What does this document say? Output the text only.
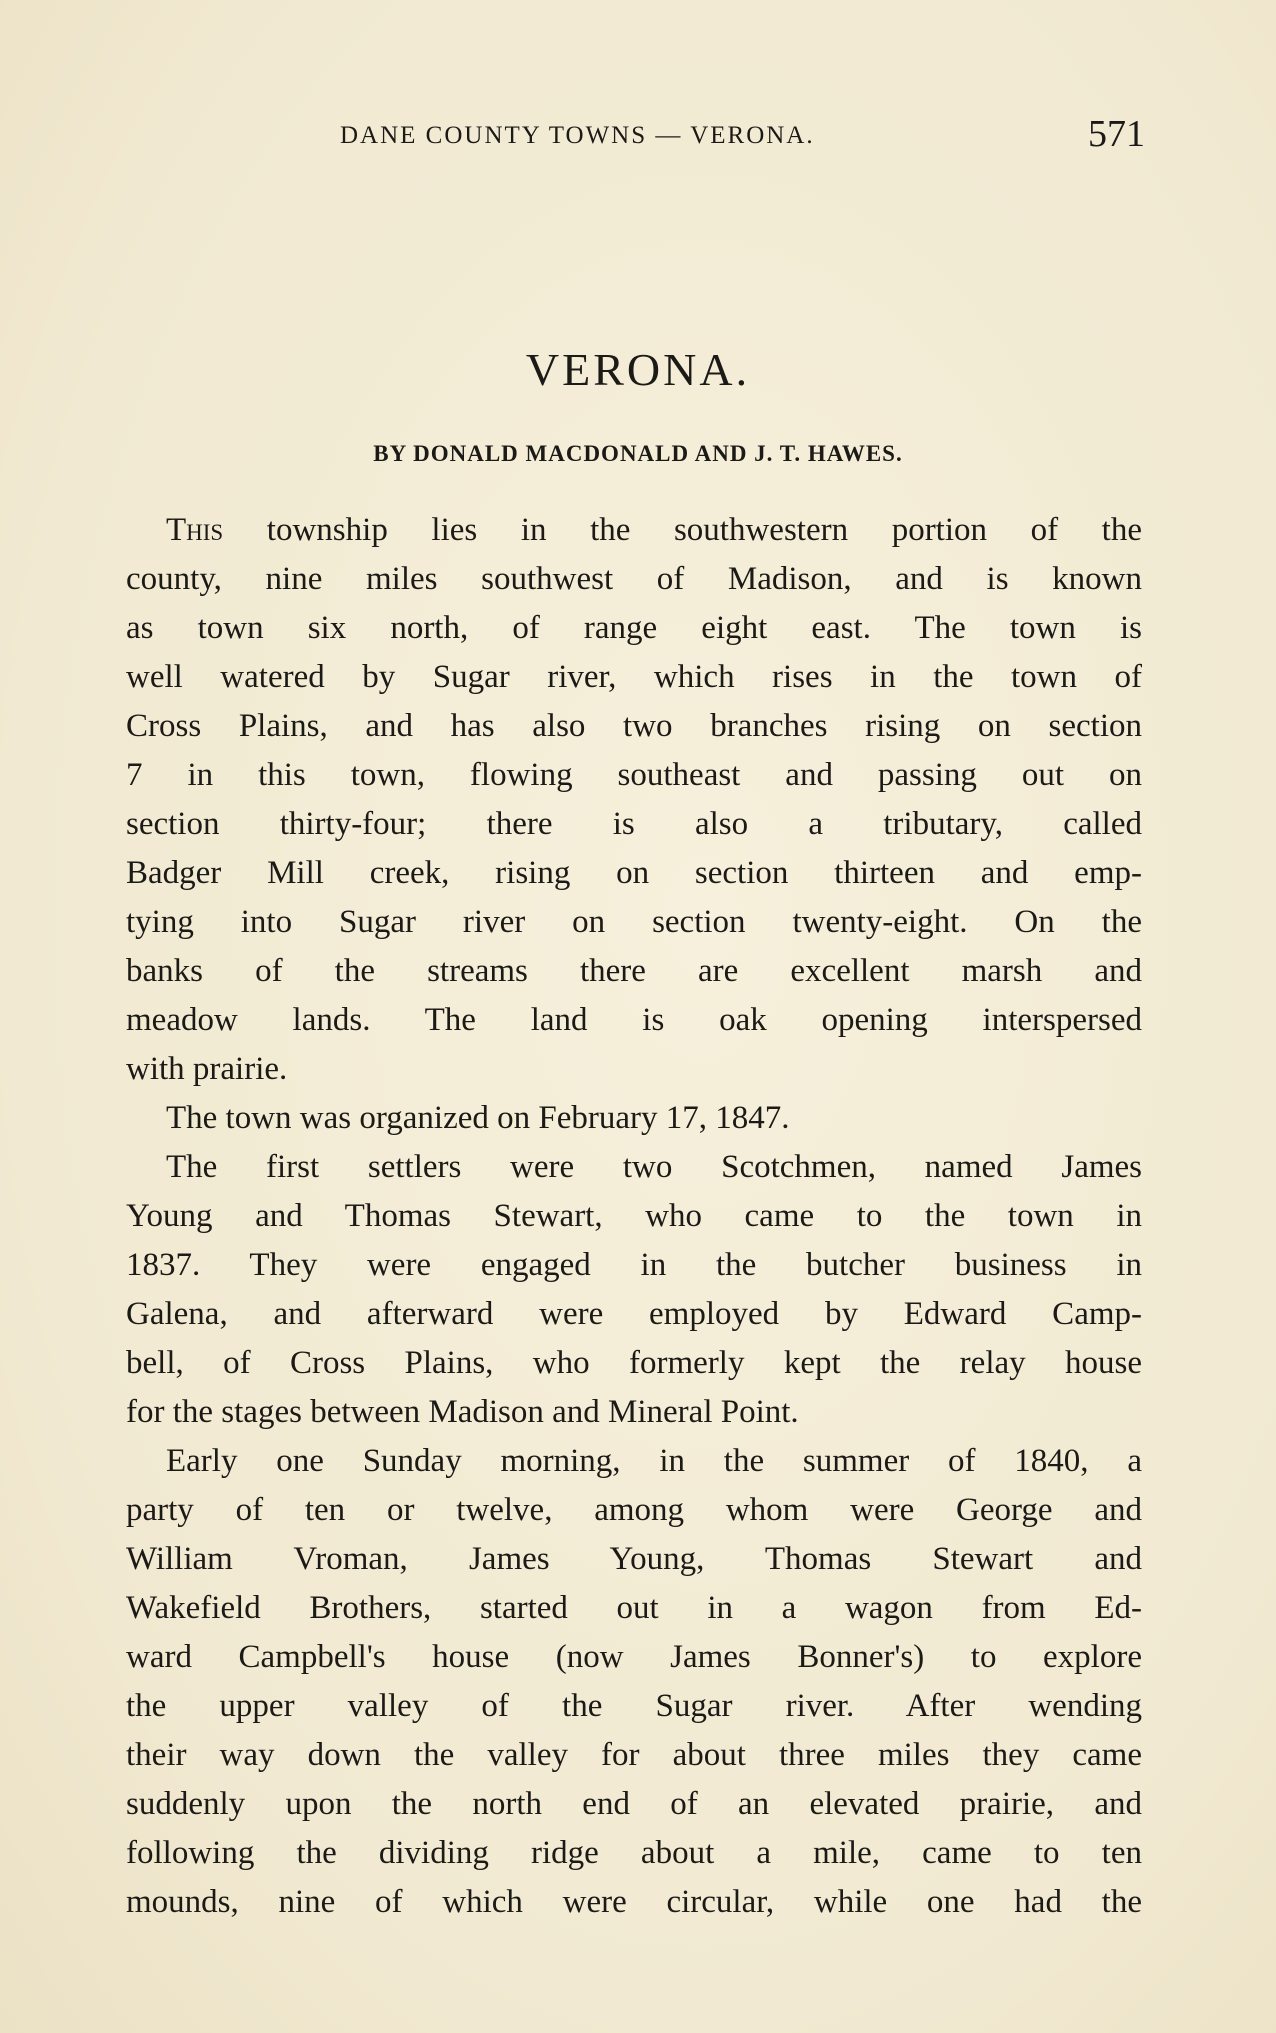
DANE COUNTY TOWNS — VERONA.	571
VERONA.
BY DONALD MACDONALD AND J. T. HAWES.
This township lies in the southwestern portion of the
county, nine miles southwest of Madison, and is known
as town six north, of range eight east. The town is
well watered by Sugar river, which rises in the town of
Cross Plains, and has also two branches rising on section
7 in this town, flowing southeast and passing out on
section thirty-four; there is also a tributary, called
Badger Mill creek, rising on section thirteen and emp-
tying into Sugar river on section twenty-eight. On the
banks of the streams there are excellent marsh and
meadow lands. The land is oak opening interspersed
with prairie.
The town was organized on February 17, 1847.
The first settlers were two Scotchmen, named James
Young and Thomas Stewart, who came to the town in
1837. They were engaged in the butcher business in
Galena, and afterward were employed by Edward Camp-
bell, of Cross Plains, who formerly kept the relay house
for the stages between Madison and Mineral Point.
Early one Sunday morning, in the summer of 1840, a
party of ten or twelve, among whom were George and
William Vroman, James Young, Thomas Stewart and
Wakefield Brothers, started out in a wagon from Ed-
ward Campbell's house (now James Bonner's) to explore
the upper valley of the Sugar river. After wending
their way down the valley for about three miles they came
suddenly upon the north end of an elevated prairie, and
following the dividing ridge about a mile, came to ten
mounds, nine of which were circular, while one had the
